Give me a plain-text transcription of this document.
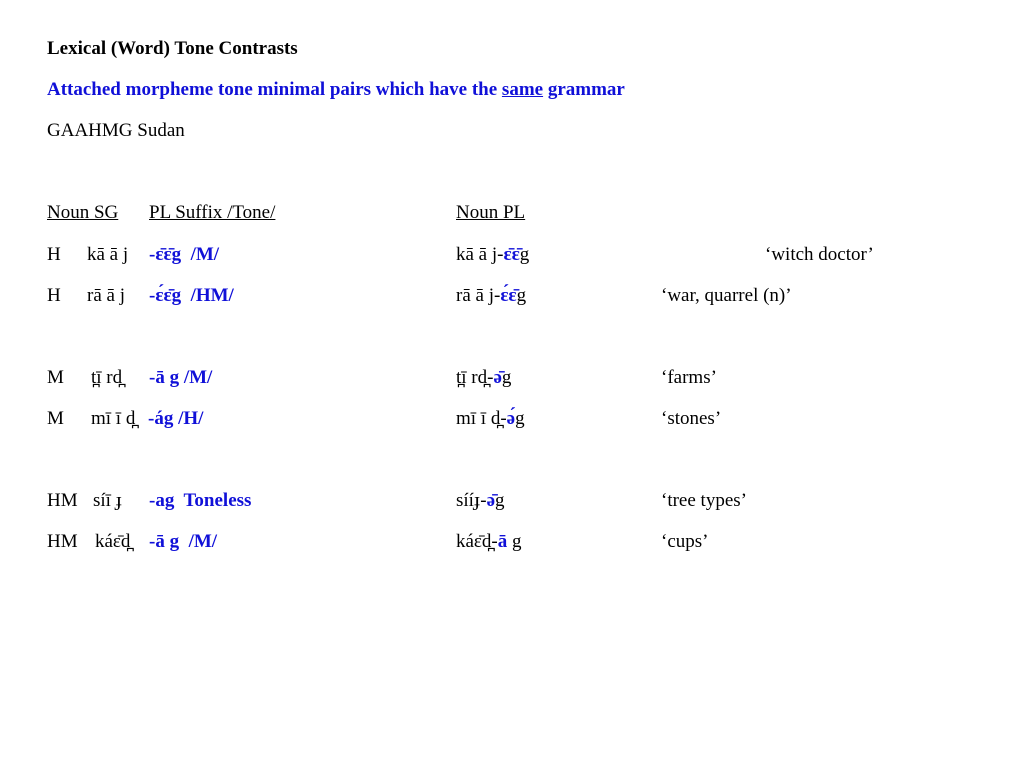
Lexical (Word) Tone Contrasts
Attached morpheme tone minimal pairs which have the same grammar
GAAHMG Sudan
Noun SG PL Suffix /Tone/	Noun PL
H kā ā j -ɛ̄ɛ̄g  /M/	kā ā j-ɛ̄ɛ̄g	‘witch doctor’
H rā ā j -ɛ́ɛ̄g  /HM/	rā ā j-ɛ́ɛ̄g	‘war, quarrel (n)’
M t̪ī rd̪ -ā g /M/	t̪ī rd̪-ə̄g	‘farms’
M mī ī d̪ -ág /H/	mī ī d̪-ə́g	‘stones’
HM síī ɟ -ag  Toneless	sííɟ-ə̄g	‘tree types’
HM káɛ̄d̪ -ā g  /M/	káɛ̄d̪-ā g	‘cups’
